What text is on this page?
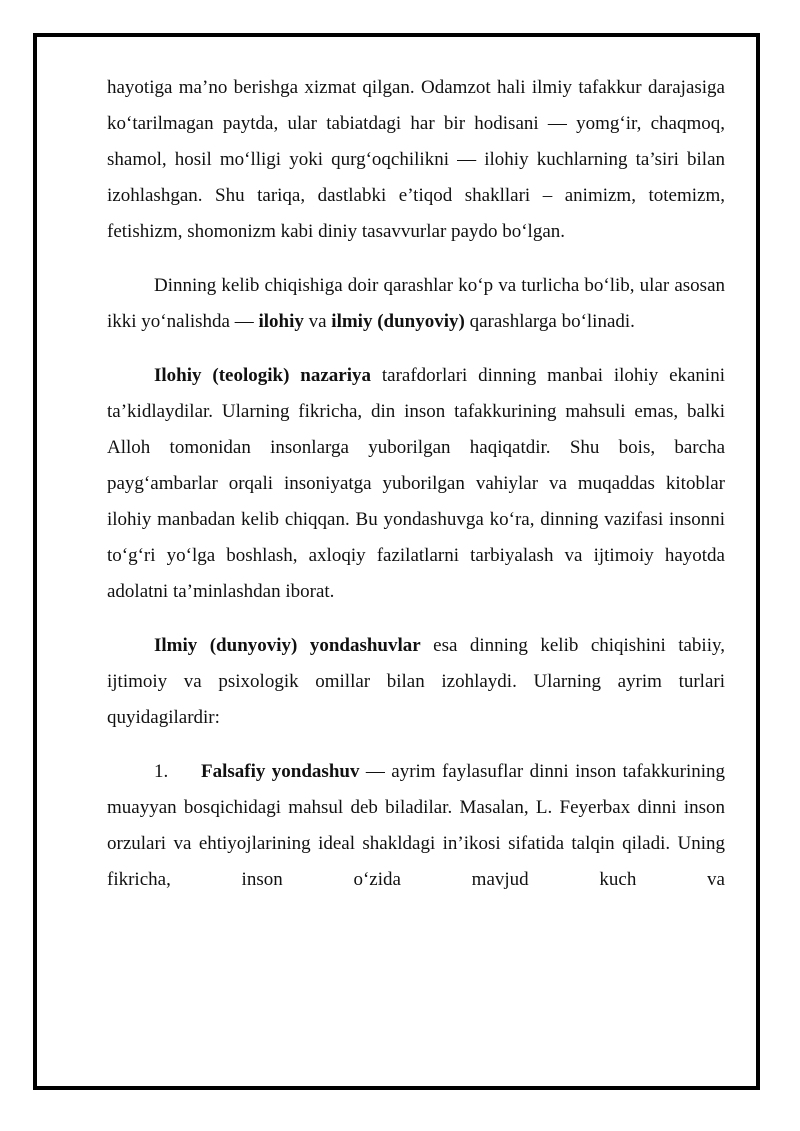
hayotiga ma’no berishga xizmat qilgan. Odamzot hali ilmiy tafakkur darajasiga ko‘tarilmagan paytda, ular tabiatdagi har bir hodisani — yomg‘ir, chaqmoq, shamol, hosil mo‘lligi yoki qurg‘oqchilikni — ilohiy kuchlarning ta’siri bilan izohlashgan. Shu tariqa, dastlabki e’tiqod shakllari – animizm, totemizm, fetishizm, shomonizm kabi diniy tasavvurlar paydo bo‘lgan.

Dinning kelib chiqishiga doir qarashlar ko‘p va turlicha bo‘lib, ular asosan ikki yo‘nalishda — ilohiy va ilmiy (dunyoviy) qarashlarga bo‘linadi.

Ilohiy (teologik) nazariya tarafdorlari dinning manbai ilohiy ekanini ta’kidlaydilar. Ularning fikricha, din inson tafakkurining mahsuli emas, balki Alloh tomonidan insonlarga yuborilgan haqiqatdir. Shu bois, barcha payg‘ambarlar orqali insoniyatga yuborilgan vahiylar va muqaddas kitoblar ilohiy manbadan kelib chiqqan. Bu yondashuvga ko‘ra, dinning vazifasi insonni to‘g‘ri yo‘lga boshlash, axloqiy fazilatlarni tarbiyalash va ijtimoiy hayotda adolatni ta’minlashdan iborat.

Ilmiy (dunyoviy) yondashuvlar esa dinning kelib chiqishini tabiiy, ijtimoiy va psixologik omillar bilan izohlaydi. Ularning ayrim turlari quyidagilardir:

1. Falsafiy yondashuv — ayrim faylasuflar dinni inson tafakkurining muayyan bosqichidagi mahsul deb biladilar. Masalan, L. Feyerbax dinni inson orzulari va ehtiyojlarining ideal shakldagi in’ikosi sifatida talqin qiladi. Uning fikricha, inson o‘zida mavjud kuch va
